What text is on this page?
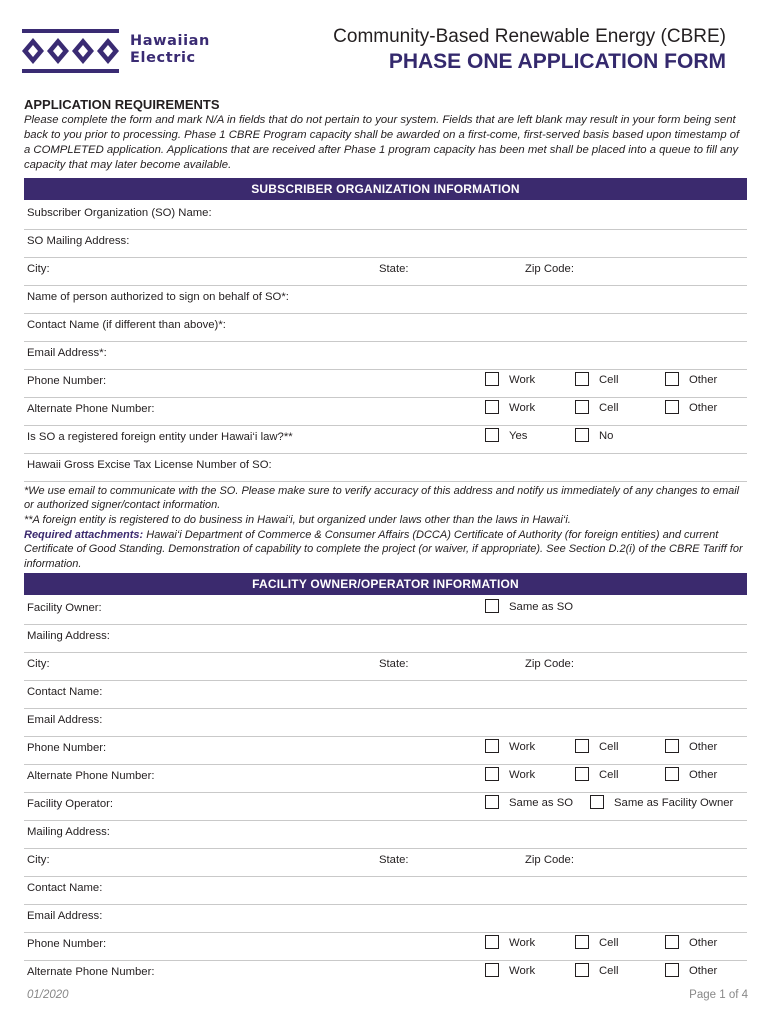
Hawaiian
Electric
Community-Based Renewable Energy (CBRE)
PHASE ONE APPLICATION FORM
APPLICATION REQUIREMENTS
Please complete the form and mark N/A in fields that do not pertain to your system. Fields that are left blank may result in your form being sent back to you prior to processing. Phase 1 CBRE Program capacity shall be awarded on a first-come, first-served basis based upon timestamp of a COMPLETED application. Applications that are received after Phase 1 program capacity has been met shall be placed into a queue to fill any capacity that may later become available.
SUBSCRIBER ORGANIZATION INFORMATION
Subscriber Organization (SO) Name:
SO Mailing Address:
City:	State:	Zip Code:
Name of person authorized to sign on behalf of SO*:
Contact Name (if different than above)*:
Email Address*:
Phone Number:	Work	Cell	Other
Alternate Phone Number:	Work	Cell	Other
Is SO a registered foreign entity under Hawai‘i law?**	Yes	No
Hawaii Gross Excise Tax License Number of SO:
*We use email to communicate with the SO. Please make sure to verify accuracy of this address and notify us immediately of any changes to email or authorized signer/contact information.
**A foreign entity is registered to do business in Hawai‘i, but organized under laws other than the laws in Hawai‘i.
Required attachments: Hawai‘i Department of Commerce & Consumer Affairs (DCCA) Certificate of Authority (for foreign entities) and current Certificate of Good Standing. Demonstration of capability to complete the project (or waiver, if appropriate). See Section D.2(i) of the CBRE Tariff for information.
FACILITY OWNER/OPERATOR INFORMATION
Facility Owner:	Same as SO
Mailing Address:
City:	State:	Zip Code:
Contact Name:
Email Address:
Phone Number:	Work	Cell	Other
Alternate Phone Number:	Work	Cell	Other
Facility Operator:	Same as SO	Same as Facility Owner
Mailing Address:
City:	State:	Zip Code:
Contact Name:
Email Address:
Phone Number:	Work	Cell	Other
Alternate Phone Number:	Work	Cell	Other
01/2020	Page 1 of 4
